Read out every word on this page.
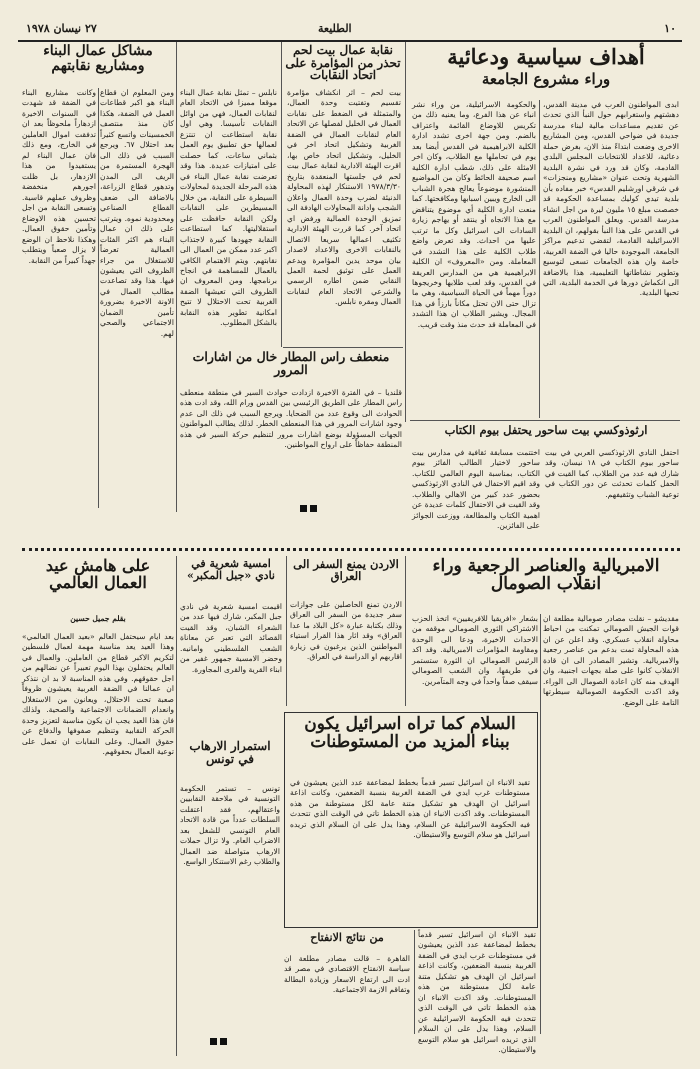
١٠
الطليعة
٢٧ نيسان ١٩٧٨
أهداف سياسية ودعائية
وراء مشروع الجامعة
ابدى المواطنون العرب في مدينة القدس، دهشتهم واستغرابهم حول النبأ الذي تحدث عن تقديم مساعدات مالية لبناء مدرسة جديدة في ضواحي القدس، ومن المشاريع الاخرى وضعت ابتداءً منذ الان، بغرض حملة دعائية، للاعداد للانتخابات المجلس البلدي القادمة، وكان قد ورد في نشرة البلدية الشهرية وتحت عنوان «مشاريع ومنجزات» في شرقي اورشليم القدس» خبر مفاده بأن بلدية تيدي كوليك بمساعدة الحكومة قد خصصت مبلغ ١٥ مليون ليرة من اجل انشاء مدرسة القدس. ويعلق المواطنون العرب في القدس على هذا النبأ بقولهم، ان البلدية الاسرائيلية القادمة، لتقضي تدعيم مراكز الجامعة، الموجودة حاليا في الضفة الغربية، خاصة وان هذه الجامعات تسعى لتوسيع وتطوير نشاطاتها التعليمية، هذا بالاضافة الى انكماش دورها في الخدمة البلدية، التي تحبها البلدية.
والحكومة الاسرائيلية، من وراء نشر انباء عن هذا الفرع، وما يعنيه ذلك من تكريس للاوضاع القائمة واعتراف بالضم. ومن جهة اخرى تشدد ادارة الكلية الابراهيمية في القدس أيضا بعد يوم في تحاملها مع الطلاب، وكان اخر الامثلة على ذلك، شطب ادارة الكلية اسم صحيفة الحائط وكان من المواضيع المنشورة موضوعاً يعالج هجرة الشباب الى الخارج ويبين اسبابها ومكافحتها. كما منعت ادارة الكلية أي موضوع يتناقض مع هذا الاتجاه أو ينتقد أو يهاجم زيارة السادات الى اسرائيل وكل ما ترتب عليها من احداث. وقد تعرض واضع طلاب الكلية على هذا التشدد في المعاملة. ومن «المعروف» ان الكلية الابراهيمية هي من المدارس العريقة في القدس، وقد لعب طلابها وخريجوها دوراً مهماً في الحياة السياسية، وهي ما تزال حتى الان تحتل مكاناً بارزاً في هذا المجال. ويشير الطلاب ان هذا التشدد في المعاملة قد حدث منذ وقت قريب.
نقابة عمال بيت لحم تحذر من المؤامرة على اتحاد النقابات
بيت لحم – اثر انكشاف مؤامرة تقسيم وتفتيت وحدة العمال، والمتمثلة في الضغط على نقابات العمال في الخليل لفصلها عن الاتحاد العام لنقابات العمال في الضفة الغربية وتشكيل اتحاد اخر في الخليل، وتشكيل اتحاد خاص بها، اقرت الهيئة الادارية لنقابة عمال بيت لحم في جلستها المنعقدة بتاريخ ١٩٧٨/٣/٣٠ الاستنكار لهذه المحاولة الدنيئة لضرب وحدة العمال واعلان الشجب وادانة المحاولات الهادفة الى تمزيق الوحدة العمالية ورفض اي اتحاد آخر. كما قررت الهيئة الادارية تكثيف اعمالها سريعا الاتصال بالنقابات الاخرى والاعداد لاصدار بيان موحد يدين المؤامرة ويدعم العمل على توثيق لحمة العمل النقابي ضمن اطاره الرسمي والشرعي الاتحاد العام لنقابات العمال ومقره نابلس.
نابلس – تمثل نقابة عمال البناء موقعا مميزا في الاتحاد العام لنقابات العمال، فهي من اوائل النقابات تأسيسا. وهي اول نقابة استطاعت ان تنتزع لعمالها حق تطبيق يوم العمل بثماني ساعات، كما حصلت على امتيازات عديدة. هذا وقد تعرضت نقابة عمال البناء في هذه المرحلة الجديدة لمحاولات السيطرة على النقابة، من خلال المسيطرين على النقابات ولكن النقابة حافظت على استقلاليتها. كما استطاعت النقابة جهودها كبيرة لاجتذاب اكبر عدد ممكن من العمال الى نقابتهم. ويتم الاهتمام الكافي بالعمال للمساهمة في انجاح برنامجها. ومن المعروف ان الظروف التي تعيشها الضفة الغربية تحت الاحتلال لا تتيح امكانية تطوير هذه النقابة بالشكل المطلوب.
مشاكل عمال البناء ومشاريع نقابتهم
ومن المعلوم ان قطاع البناء هو اكبر قطاعات العمل في الضفة، هكذا كان منذ منتصف الخمسينات واتسع كثيراً بعد احتلال ٦٧. ويرجع السبب في ذلك الى الهجرة المستمرة من الريف الى المدن وتدهور قطاع الزراعة، بالاضافة الى ضعف القطاع الصناعي ومحدودية نموه. ويترتب على ذلك ان عمال البناء هم اكثر الفئات العمالية تعرضاً للاستغلال من جراء الظروف التي يعيشون فيها. هذا وقد تصاعدت مطالب العمال في الاونة الاخيرة بضرورة تأمين الضمان الاجتماعي والصحي لهم.
وكانت مشاريع البناء في الضفة قد شهدت في السنوات الاخيرة ازدهاراً ملحوظاً بعد ان تدفقت اموال العاملين في الخارج، ومع ذلك فان عمال البناء لم يستفيدوا من هذا الازدهار، بل ظلت اجورهم منخفضة وظروف عملهم قاسية. وتسعى النقابة من اجل تحسين هذه الاوضاع وتأمين حقوق العمال. وهكذا نلاحظ ان الوضع لا يزال صعباً ويتطلب جهداً كبيراً من النقابة.
منعطف راس المطار خال من اشارات المرور
قلنديا – في الفترة الاخيرة ازدادت حوادث السير في منطقة منعطف راس المطار على الطريق الرئيسي بين القدس ورام الله، وقد ادت هذه الحوادث الى وقوع عدد من الضحايا. ويرجع السبب في ذلك الى عدم وجود اشارات المرور في هذا المنعطف الخطر. لذلك يطالب المواطنون الجهات المسؤولة بوضع اشارات مرور لتنظيم حركة السير في هذه المنطقة حفاظاً على ارواح المواطنين.
ارثوذوكسي بيت ساحور يحتفل بيوم الكتاب
احتفل النادي الارثوذكسي العربي في بيت ساحور بيوم الكتاب في ١٨ نيسان، وقد شارك فيه عدد من الطلاب، كما القيت في الحفل كلمات تحدثت عن دور الكتاب في توعية الشباب وتثقيفهم.
اختتمت مسابقة ثقافية في مدارس بيت ساحور لاختيار الطالب الفائز بيوم الكتاب، بمناسبة اليوم العالمي للكتاب. وقد اقيم الاحتفال في النادي الارثوذكسي بحضور عدد كبير من الاهالي والطلاب. وقد القيت في الاحتفال كلمات عديدة عن اهمية الكتاب والمطالعة، ووزعت الجوائز على الفائزين.
الامبريالية والعناصر الرجعية وراء انقلاب الصومال
مقديشو – نقلت مصادر صومالية مطلعة ان قوات الجيش الصومالي تمكنت من احباط محاولة انقلاب عسكري. وقد اعلن عن ان هذه المحاولة تمت بدعم من عناصر رجعية والامبريالية. وتشير المصادر الى ان قادة الانقلاب كانوا على صلة بجهات اجنبية، وان الهدف منه كان اعادة الصومال الى الوراء. وقد اكدت الحكومة الصومالية سيطرتها التامة على الوضع.
بشعار «افريقيا للافريقيين» اتخذ الحزب الاشتراكي الثوري الصومالي موقفه من الاحداث الاخيرة، ودعا الى الوحدة ومقاومة المؤامرات الامبريالية. وقد اكد الرئيس الصومالي ان الثورة ستستمر في طريقها، وان الشعب الصومالي سيقف صفاً واحداً في وجه المتآمرين.
الاردن يمنع السفر الى العراق
الاردن تمنع الحاصلين على جوازات سفر جديدة من السفر الى العراق وذلك بكتابة عبارة «كل البلاد ما عدا العراق» وقد اثار هذا القرار استياء المواطنين الذين يرغبون في زيارة اقاربهم او الدراسة في العراق.
امسية شعرية في نادي «جبل المكبر»
اقيمت امسية شعرية في نادي جبل المكبر، شارك فيها عدد من الشعراء الشبان، وقد القيت القصائد التي تعبر عن معاناة الشعب الفلسطيني وامانيه. وحضر الامسية جمهور غفير من ابناء القرية والقرى المجاورة.
على هامش عيد العمال العالمي
بقلم جميل حسين
بعد ايام سيحتفل العالم «بعيد العمال العالمي» وهذا العيد يعد مناسبة مهمة لعمال فلسطين لتكريم الاكبر قطاع من العاملين. والعمال في العالم يحتفلون بهذا اليوم تعبيراً عن نضالهم من اجل حقوقهم. وفي هذه المناسبة لا بد ان نتذكر ان عمالنا في الضفة الغربية يعيشون ظروفاً صعبة تحت الاحتلال، ويعانون من الاستغلال وانعدام الضمانات الاجتماعية والصحية. ولذلك فان هذا العيد يجب ان يكون مناسبة لتعزيز وحدة الحركة النقابية وتنظيم صفوفها والدفاع عن حقوق العمال. وعلى النقابات ان تعمل على توعية العمال بحقوقهم.
السلام كما تراه اسرائيل يكون ببناء المزيد من المستوطنات
تقيد الانباء ان اسرائيل تسير قدماً بخطط لمضاعفة عدد الذين يعيشون في مستوطنات غرب ايدي في الضفة الغربية بنسبة الضعفين، وكانت اذاعة اسرائيل ان الهدف هو تشكيل متنة عامة لكل مستوطنة من هذه المستوطنات. وقد اكدت الانباء ان هذه الخطط تاتي في الوقت الذي تتحدث فيه الحكومة الاسرائيلية عن السلام، وهذا يدل على ان السلام الذي تريده اسرائيل هو سلام التوسع والاستيطان.
استمرار الارهاب في تونس
تونس – تستمر الحكومة التونسية في ملاحقة النقابيين واعتقالهم، فقد اعتقلت السلطات عدداً من قادة الاتحاد العام التونسي للشغل بعد الاضراب العام. ولا تزال حملات الارهاب متواصلة ضد العمال والطلاب رغم الاستنكار الواسع.
من نتائج الانفتاح
القاهرة – قالت مصادر مطلعة ان سياسة الانفتاح الاقتصادي في مصر قد ادت الى ارتفاع الاسعار وزيادة البطالة وتفاقم الازمة الاجتماعية.
تقيد الانباء ان اسرائيل تسير قدماً بخطط لمضاعفة عدد الذين يعيشون في مستوطنات غرب ايدي في الضفة الغربية بنسبة الضعفين، وكانت اذاعة اسرائيل ان الهدف هو تشكيل متنة عامة لكل مستوطنة من هذه المستوطنات. وقد اكدت الانباء ان هذه الخطط تاتي في الوقت الذي تتحدث فيه الحكومة الاسرائيلية عن السلام، وهذا يدل على ان السلام الذي تريده اسرائيل هو سلام التوسع والاستيطان.
